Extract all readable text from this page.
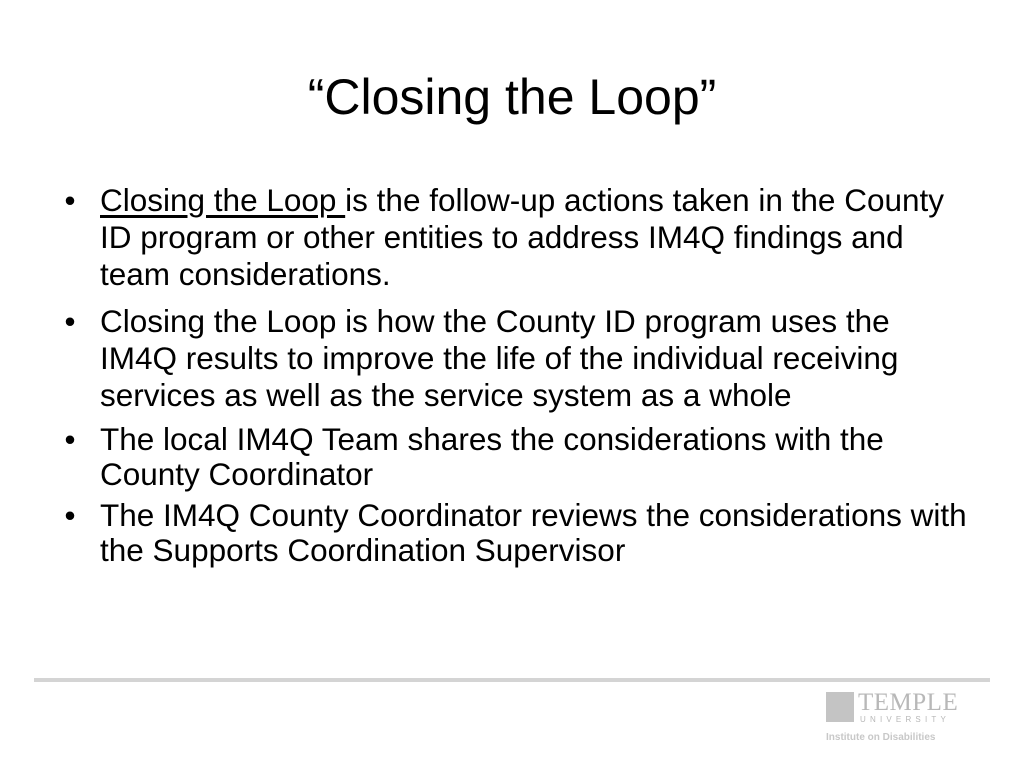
“Closing the Loop”
• Closing the Loop is the follow-up actions taken in the County ID program or other entities to address IM4Q findings and team considerations.
• Closing the Loop is how the County ID program uses the IM4Q results to improve the life of the individual receiving services as well as the service system as a whole
• The local IM4Q Team shares the considerations with the County Coordinator
• The IM4Q County Coordinator reviews the considerations with the Supports Coordination Supervisor
TEMPLE
UNIVERSITY
Institute on Disabilities
